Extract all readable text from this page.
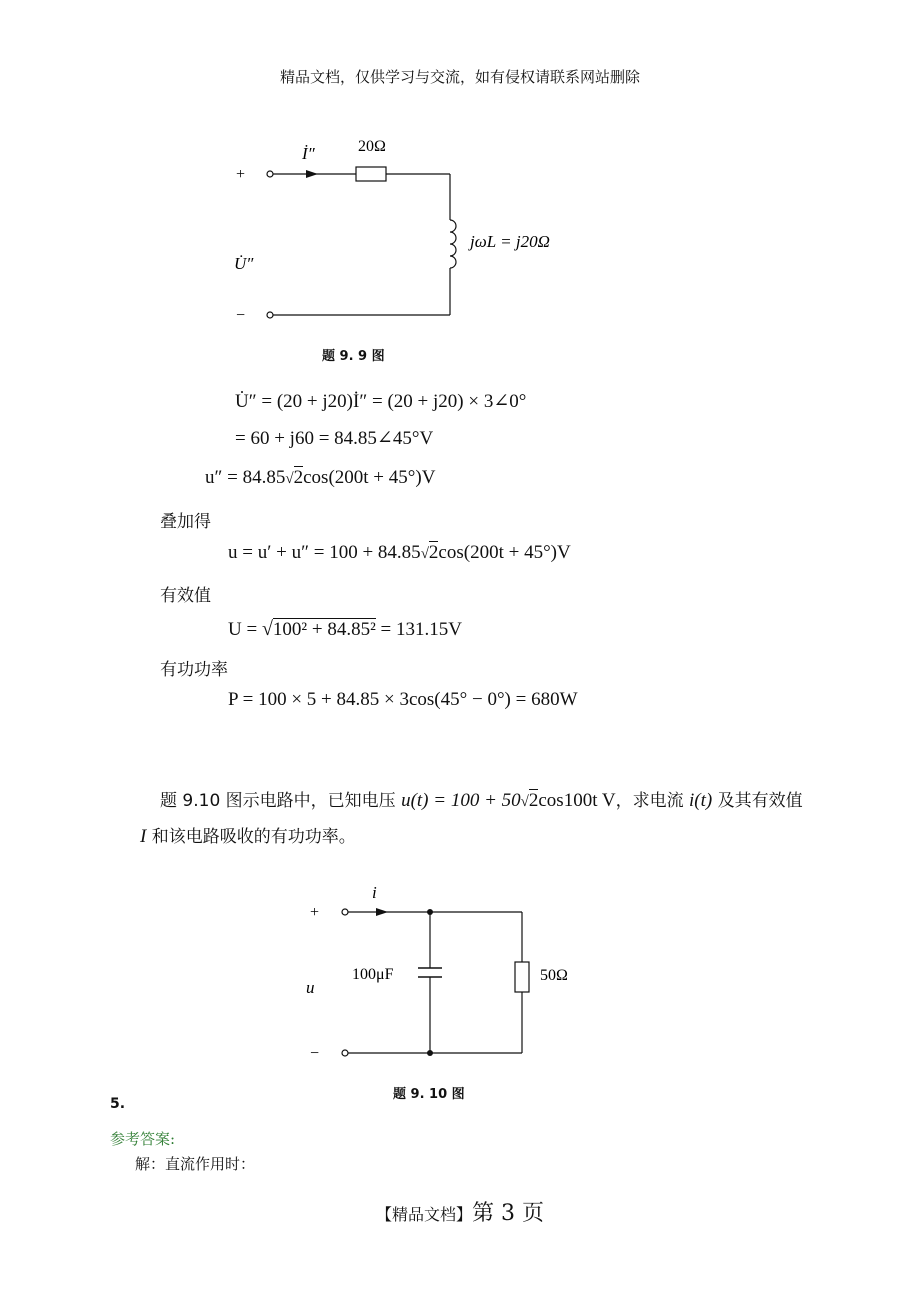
精品文档，仅供学习与交流，如有侵权请联系网站删除
+
İ″	20Ω
jωL = j20Ω
−
U̇″
题 9. 9 图
U̇″ = (20 + j20)İ″ = (20 + j20) × 3∠0°
= 60 + j60 = 84.85∠45°V
u″ = 84.85√2cos(200t + 45°)V
叠加得
u = u′ + u″ = 100 + 84.85√2cos(200t + 45°)V
有效值
U = √100² + 84.85² = 131.15V
有功功率
P = 100 × 5 + 84.85 × 3cos(45° − 0°) = 680W
题 9.10 图示电路中，已知电压 u(t) = 100 + 50√2cos100t V，求电流 i(t) 及其有效值
I 和该电路吸收的有功功率。
+
i
100μF	50Ω
−
u
题 9. 10 图
5.
参考答案:
解：直流作用时：
【精品文档】第 3 页
